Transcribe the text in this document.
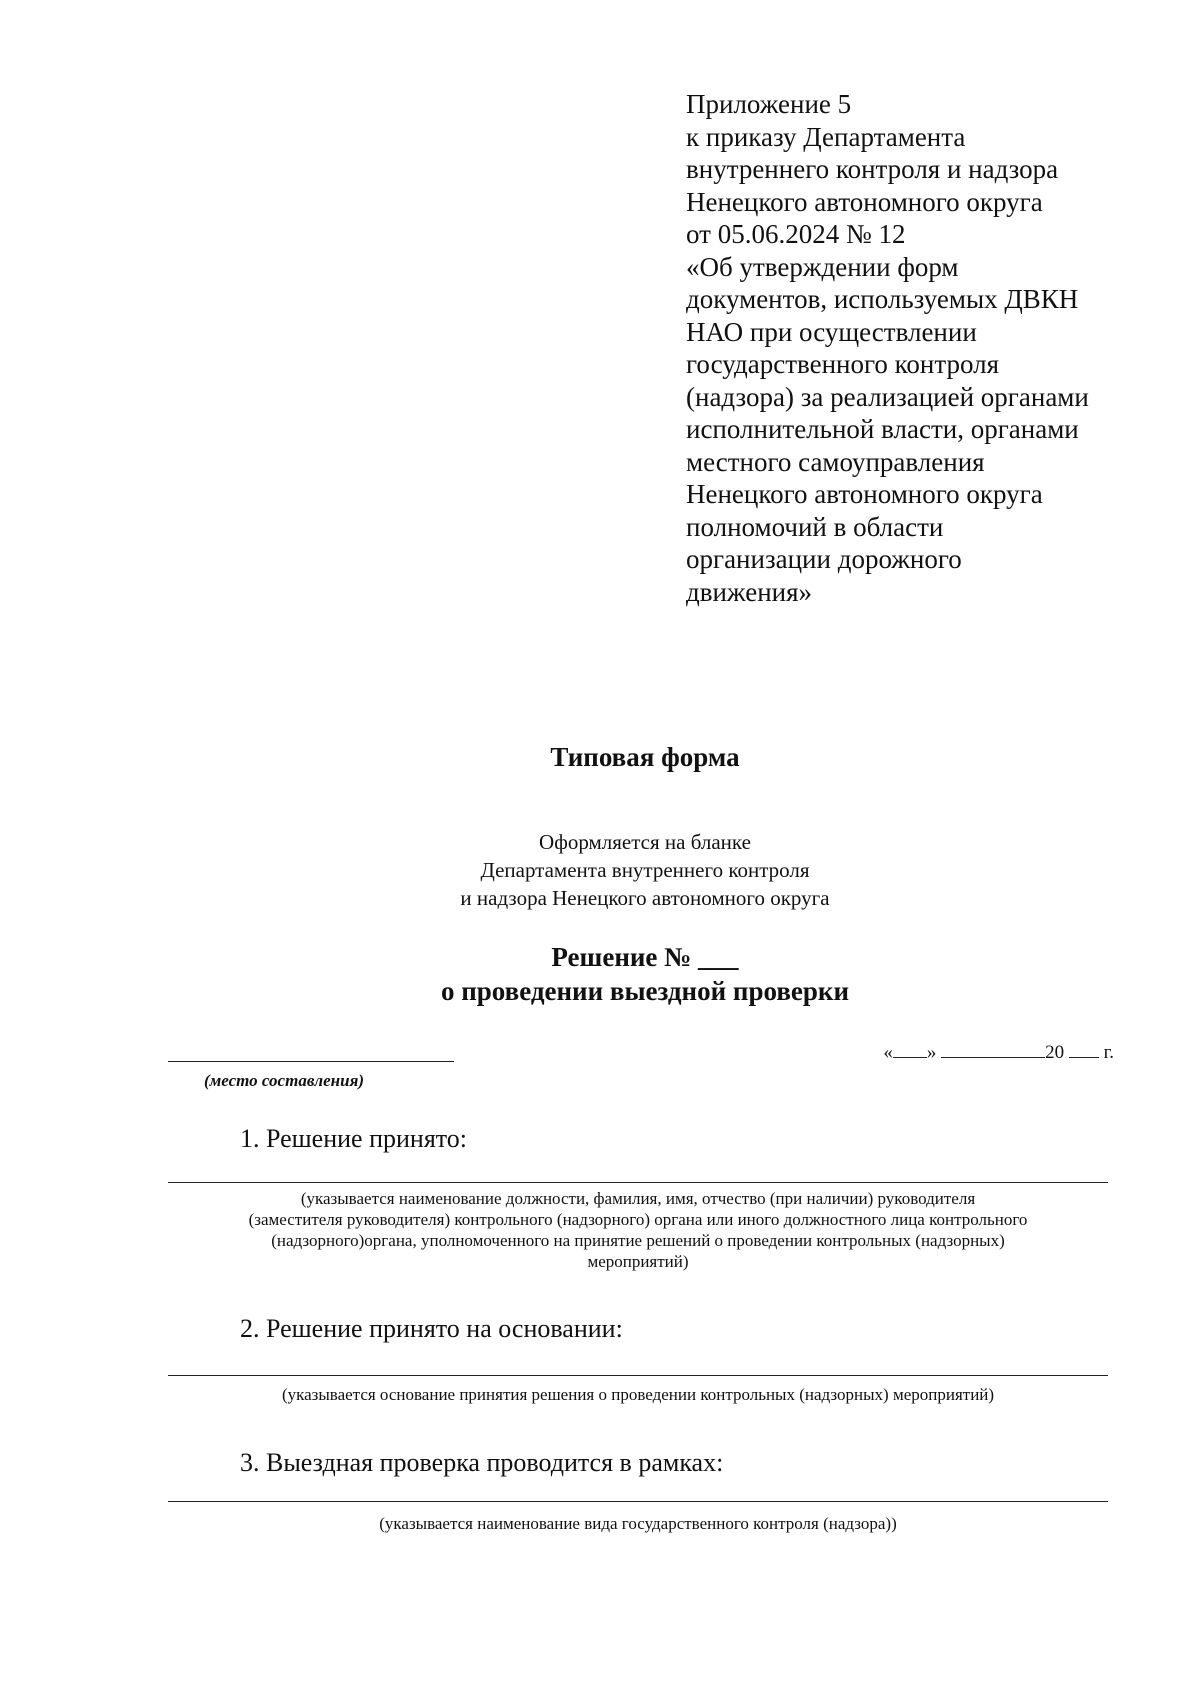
Приложение 5
к приказу Департамента
внутреннего контроля и надзора
Ненецкого автономного округа
от 05.06.2024 № 12
«Об утверждении форм
документов, используемых ДВКН
НАО при осуществлении
государственного контроля
(надзора) за реализацией органами
исполнительной власти, органами
местного самоуправления
Ненецкого автономного округа
полномочий в области
организации дорожного
движения»
Типовая форма
Оформляется на бланке
Департамента внутреннего контроля
и надзора Ненецкого автономного округа
Решение № ___
о проведении выездной проверки
(место составления)
« »	20 г.
1. Решение принято:
(указывается наименование должности, фамилия, имя, отчество (при наличии) руководителя
(заместителя руководителя) контрольного (надзорного) органа или иного должностного лица контрольного
(надзорного)органа, уполномоченного на принятие решений о проведении контрольных (надзорных)
мероприятий)
2. Решение принято на основании:
(указывается основание принятия решения о проведении контрольных (надзорных) мероприятий)
3. Выездная проверка проводится в рамках:
(указывается наименование вида государственного контроля (надзора))
